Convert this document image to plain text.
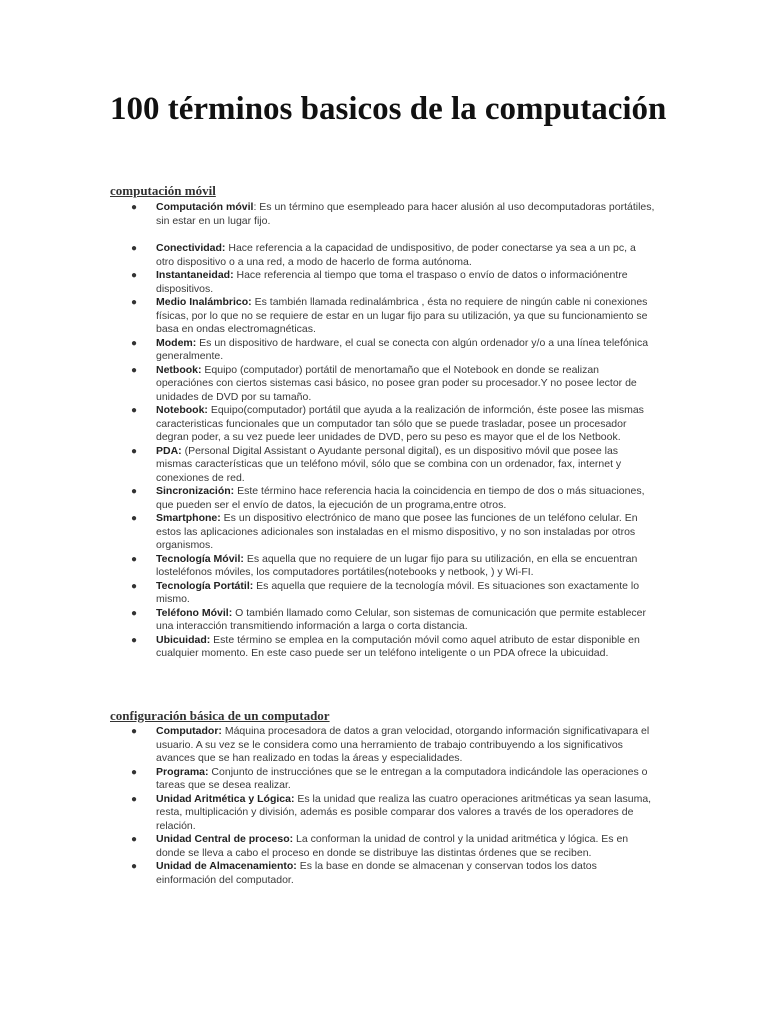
100 términos basicos de la computación
computación móvil
● Computación móvil: Es un término que esempleado para hacer alusión al uso decomputadoras portátiles, sin estar en un lugar fijo.
● Conectividad: Hace referencia a la capacidad de undispositivo, de poder conectarse ya sea a un pc, a otro dispositivo o a una red, a modo de hacerlo de forma autónoma.
● Instantaneidad: Hace referencia al tiempo que toma el traspaso o envío de datos o informaciónentre dispositivos.
● Medio Inalámbrico: Es también llamada redinalámbrica , ésta no requiere de ningún cable ni conexiones físicas, por lo que no se requiere de estar en un lugar fijo para su utilización, ya que su funcionamiento se basa en ondas electromagnéticas.
● Modem: Es un dispositivo de hardware, el cual se conecta con algún ordenador y/o a una línea telefónica generalmente.
● Netbook: Equipo (computador) portátil de menortamaño que el Notebook en donde se realizan operaciónes con ciertos sistemas casi básico, no posee gran poder su procesador.Y no posee lector de unidades de DVD por su tamaño.
● Notebook: Equipo(computador) portátil que ayuda a la realización de informción, éste posee las mismas caracteristicas funcionales que un computador tan sólo que se puede trasladar, posee un procesador degran poder, a su vez puede leer unidades de DVD, pero su peso es mayor que el de los Netbook.
● PDA: (Personal Digital Assistant o Ayudante personal digital), es un dispositivo móvil que posee las mismas características que un teléfono móvil, sólo que se combina con un ordenador, fax, internet y conexiones de red.
● Sincronización: Este término hace referencia hacia la coincidencia en tiempo de dos o más situaciones, que pueden ser el envío de datos, la ejecución de un programa,entre otros.
● Smartphone: Es un dispositivo electrónico de mano que posee las funciones de un teléfono celular. En estos las aplicaciones adicionales son instaladas en el mismo dispositivo, y no son instaladas por otros organismos.
● Tecnología Móvil: Es aquella que no requiere de un lugar fijo para su utilización, en ella se encuentran losteléfonos móviles, los computadores portátiles(notebooks y netbook, ) y Wi-FI.
● Tecnología Portátil: Es aquella que requiere de la tecnología móvil. Es situaciones son exactamente lo mismo.
● Teléfono Móvil: O también llamado como Celular, son sistemas de comunicación que permite establecer una interacción transmitiendo información a larga o corta distancia.
● Ubicuidad: Este término se emplea en la computación móvil como aquel atributo de estar disponible en cualquier momento. En este caso puede ser un teléfono inteligente o un PDA ofrece la ubicuidad.
configuración básica de un computador
● Computador: Máquina procesadora de datos a gran velocidad, otorgando información significativapara el usuario. A su vez se le considera como una herramiento de trabajo contribuyendo a los significativos avances que se han realizado en todas la áreas y especialidades.
● Programa: Conjunto de instrucciónes que se le entregan a la computadora indicándole las operaciones o tareas que se desea realizar.
● Unidad Aritmética y Lógica: Es la unidad que realiza las cuatro operaciones aritméticas ya sean lasuma, resta, multiplicación y división, además es posible comparar dos valores a través de los operadores de relación.
● Unidad Central de proceso: La conforman la unidad de control y la unidad aritmética y lógica. Es en donde se lleva a cabo el proceso en donde se distribuye las distintas órdenes que se reciben.
● Unidad de Almacenamiento: Es la base en donde se almacenan y conservan todos los datos einformación del computador.
